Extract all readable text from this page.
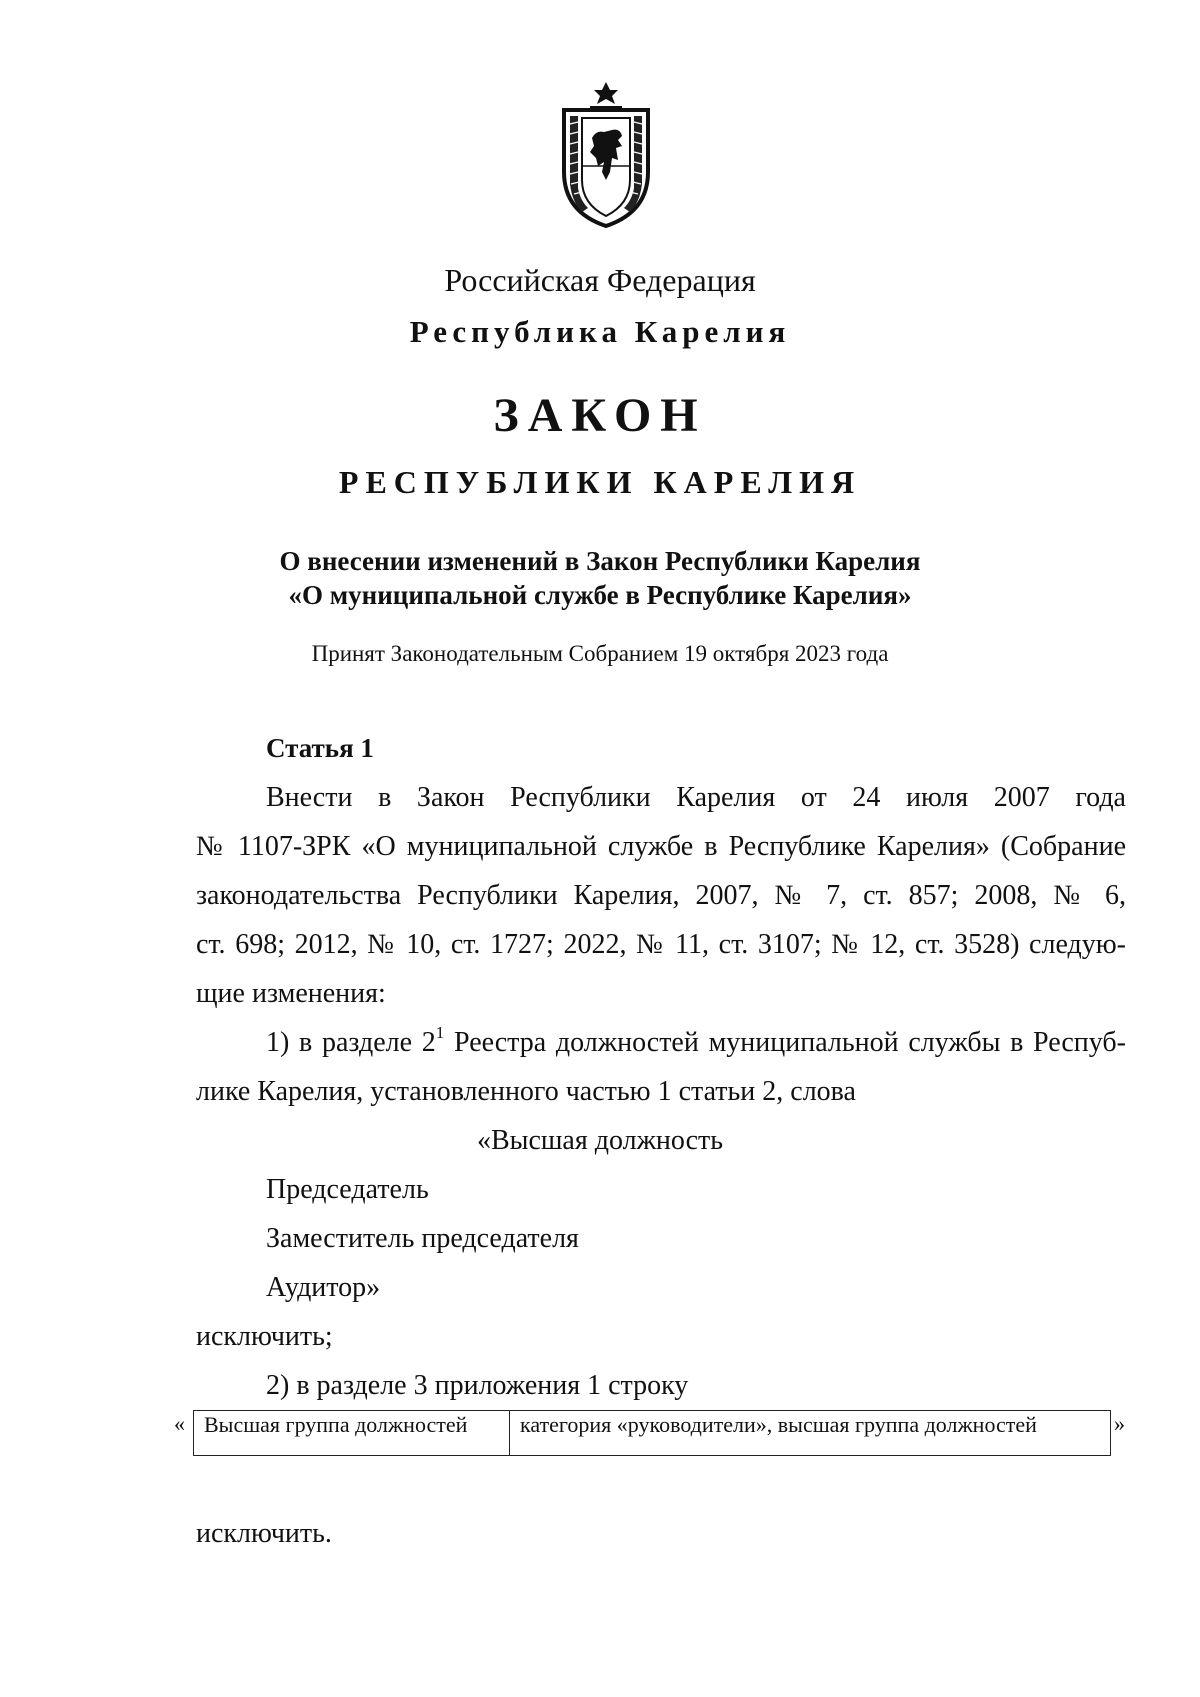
Российская Федерация
Республика Карелия
ЗАКОН
РЕСПУБЛИКИ КАРЕЛИЯ
О внесении изменений в Закон Республики Карелия
«О муниципальной службе в Республике Карелия»
Принят Законодательным Собранием 19 октября 2023 года
Статья 1
Внести в Закон Республики Карелия от 24 июля 2007 года
№ 1107-ЗРК «О муниципальной службе в Республике Карелия» (Собрание
законодательства Республики Карелия, 2007, № 7, ст. 857; 2008, № 6,
ст. 698; 2012, № 10, ст. 1727; 2022, № 11, ст. 3107; № 12, ст. 3528) следую-
щие изменения:
1) в разделе $2^1$ Реестра должностей муниципальной службы в Респуб-
лике Карелия, установленного частью 1 статьи 2, слова
«Высшая должность
Председатель
Заместитель председателя
Аудитор»
исключить;
2) в разделе 3 приложения 1 строку
« Высшая группа должностей	категория «руководители», высшая группа должностей	»
исключить.
